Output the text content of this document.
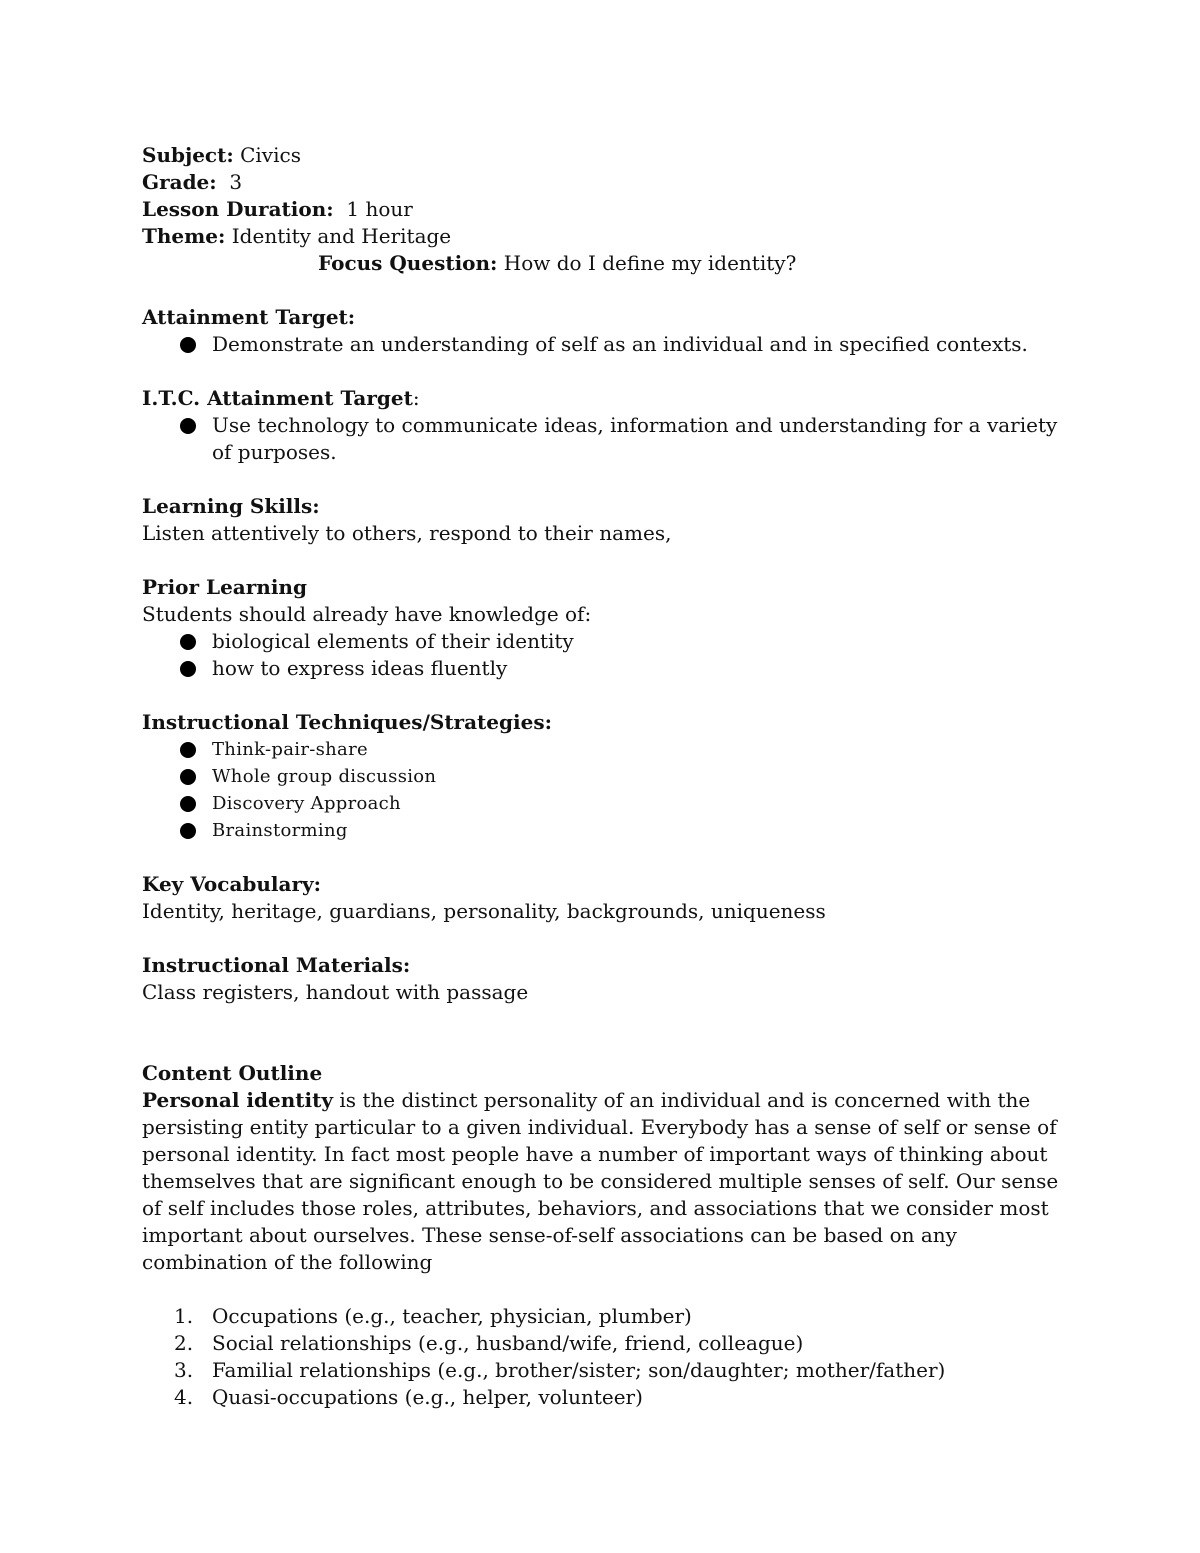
Subject: Civics

Grade: 3

Lesson Duration: 1 hour

Theme: Identity and Heritage

Focus Question: How do I define my identity?

Attainment Target:

Demonstrate an understanding of self as an individual and in specified contexts.

I.T.C. Attainment Target:

Use technology to communicate ideas, information and understanding for a variety of purposes.

Learning Skills:

Listen attentively to others, respond to their names,

Prior Learning

Students should already have knowledge of:

biological elements of their identity
how to express ideas fluently

Instructional Techniques/Strategies:

Think-pair-share
Whole group discussion
Discovery Approach
Brainstorming

Key Vocabulary:

Identity, heritage, guardians, personality, backgrounds, uniqueness

Instructional Materials:

Class registers, handout with passage

Content Outline

Personal identity is the distinct personality of an individual and is concerned with the persisting entity particular to a given individual. Everybody has a sense of self or sense of personal identity. In fact most people have a number of important ways of thinking about themselves that are significant enough to be considered multiple senses of self. Our sense of self includes those roles, attributes, behaviors, and associations that we consider most important about ourselves. These sense-of-self associations can be based on any combination of the following

1. Occupations (e.g., teacher, physician, plumber)
2. Social relationships (e.g., husband/wife, friend, colleague)
3. Familial relationships (e.g., brother/sister; son/daughter; mother/father)
4. Quasi-occupations (e.g., helper, volunteer)
